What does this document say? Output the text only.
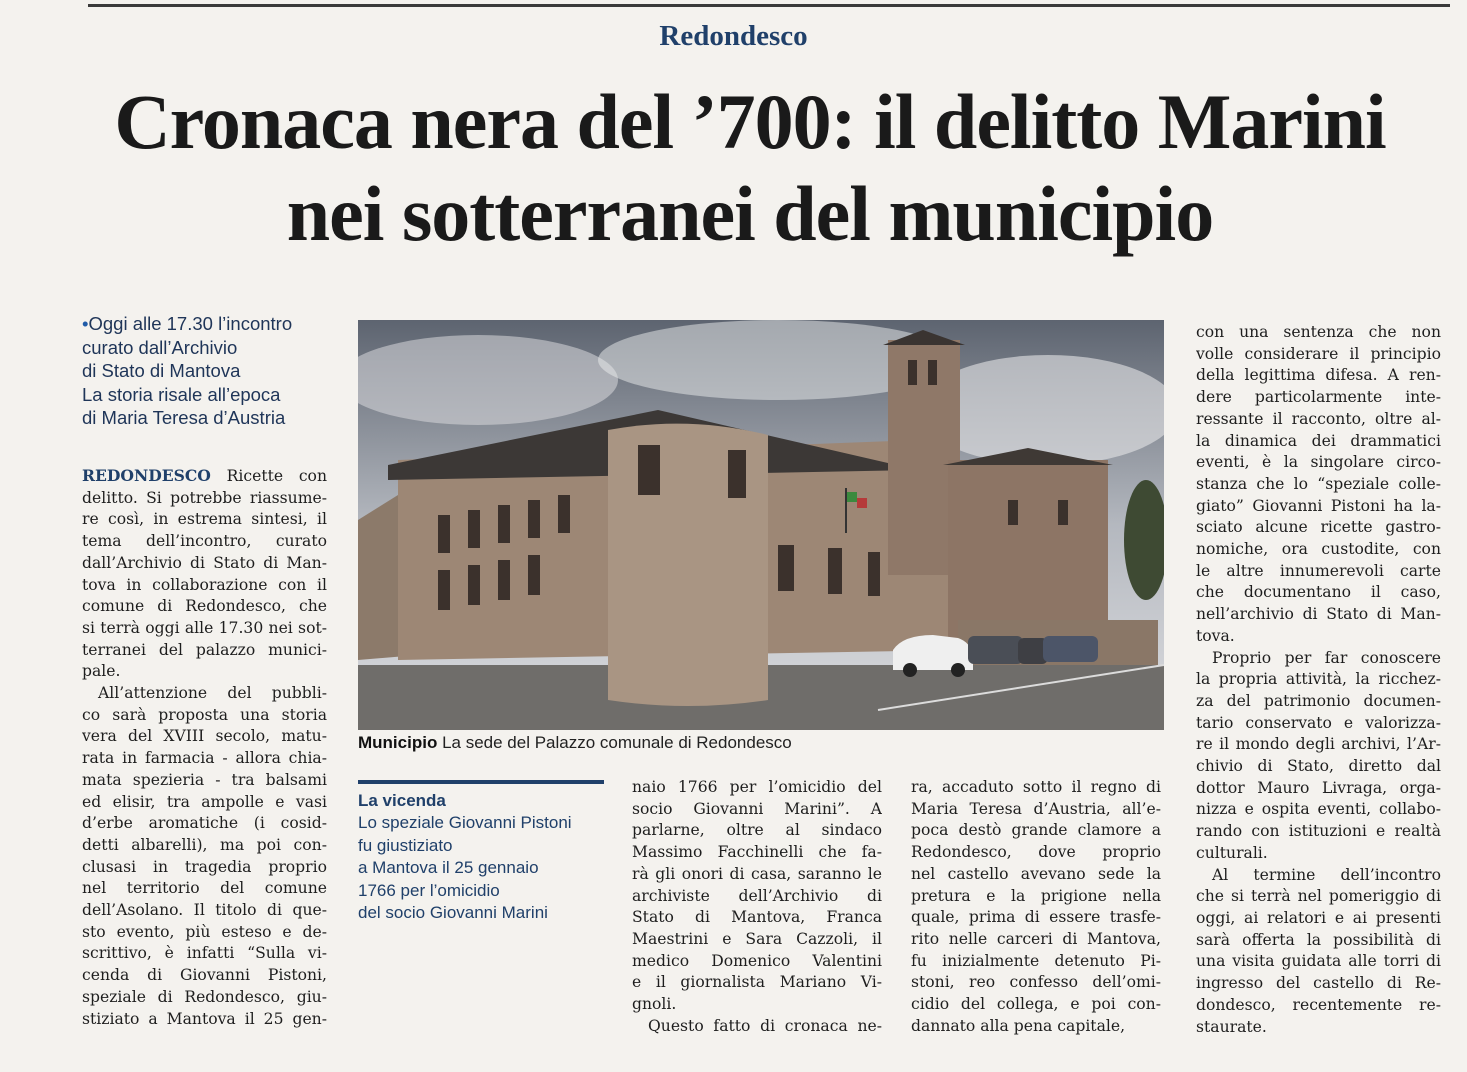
Redondesco
Cronaca nera del ’700: il delitto Marini
nei sotterranei del municipio
•Oggi alle 17.30 l’incontro
curato dall’Archivio
di Stato di Mantova
La storia risale all’epoca
di Maria Teresa d’Austria
REDONDESCO Ricette con
delitto. Si potrebbe riassume-
re così, in estrema sintesi, il
tema dell’incontro, curato
dall’Archivio di Stato di Man-
tova in collaborazione con il
comune di Redondesco, che
si terrà oggi alle 17.30 nei sot-
terranei del palazzo munici-
pale.
All’attenzione del pubbli-
co sarà proposta una storia
vera del XVIII secolo, matu-
rata in farmacia - allora chia-
mata spezieria - tra balsami
ed elisir, tra ampolle e vasi
d’erbe aromatiche (i cosid-
detti albarelli), ma poi con-
clusasi in tragedia proprio
nel territorio del comune
dell’Asolano. Il titolo di que-
sto evento, più esteso e de-
scrittivo, è infatti “Sulla vi-
cenda di Giovanni Pistoni,
speziale di Redondesco, giu-
stiziato a Mantova il 25 gen-
Municipio La sede del Palazzo comunale di Redondesco
La vicenda
Lo speziale Giovanni Pistoni
fu giustiziato
a Mantova il 25 gennaio
1766 per l’omicidio
del socio Giovanni Marini
naio 1766 per l’omicidio del
socio Giovanni Marini”. A
parlarne, oltre al sindaco
Massimo Facchinelli che fa-
rà gli onori di casa, saranno le
archiviste dell’Archivio di
Stato di Mantova, Franca
Maestrini e Sara Cazzoli, il
medico Domenico Valentini
e il giornalista Mariano Vi-
gnoli.
Questo fatto di cronaca ne-
ra, accaduto sotto il regno di
Maria Teresa d’Austria, all’e-
poca destò grande clamore a
Redondesco, dove proprio
nel castello avevano sede la
pretura e la prigione nella
quale, prima di essere trasfe-
rito nelle carceri di Mantova,
fu inizialmente detenuto Pi-
stoni, reo confesso dell’omi-
cidio del collega, e poi con-
dannato alla pena capitale,
con una sentenza che non
volle considerare il principio
della legittima difesa. A ren-
dere particolarmente inte-
ressante il racconto, oltre al-
la dinamica dei drammatici
eventi, è la singolare circo-
stanza che lo “speziale colle-
giato” Giovanni Pistoni ha la-
sciato alcune ricette gastro-
nomiche, ora custodite, con
le altre innumerevoli carte
che documentano il caso,
nell’archivio di Stato di Man-
tova.
Proprio per far conoscere
la propria attività, la ricchez-
za del patrimonio documen-
tario conservato e valorizza-
re il mondo degli archivi, l’Ar-
chivio di Stato, diretto dal
dottor Mauro Livraga, orga-
nizza e ospita eventi, collabo-
rando con istituzioni e realtà
culturali.
Al termine dell’incontro
che si terrà nel pomeriggio di
oggi, ai relatori e ai presenti
sarà offerta la possibilità di
una visita guidata alle torri di
ingresso del castello di Re-
dondesco, recentemente re-
staurate.
